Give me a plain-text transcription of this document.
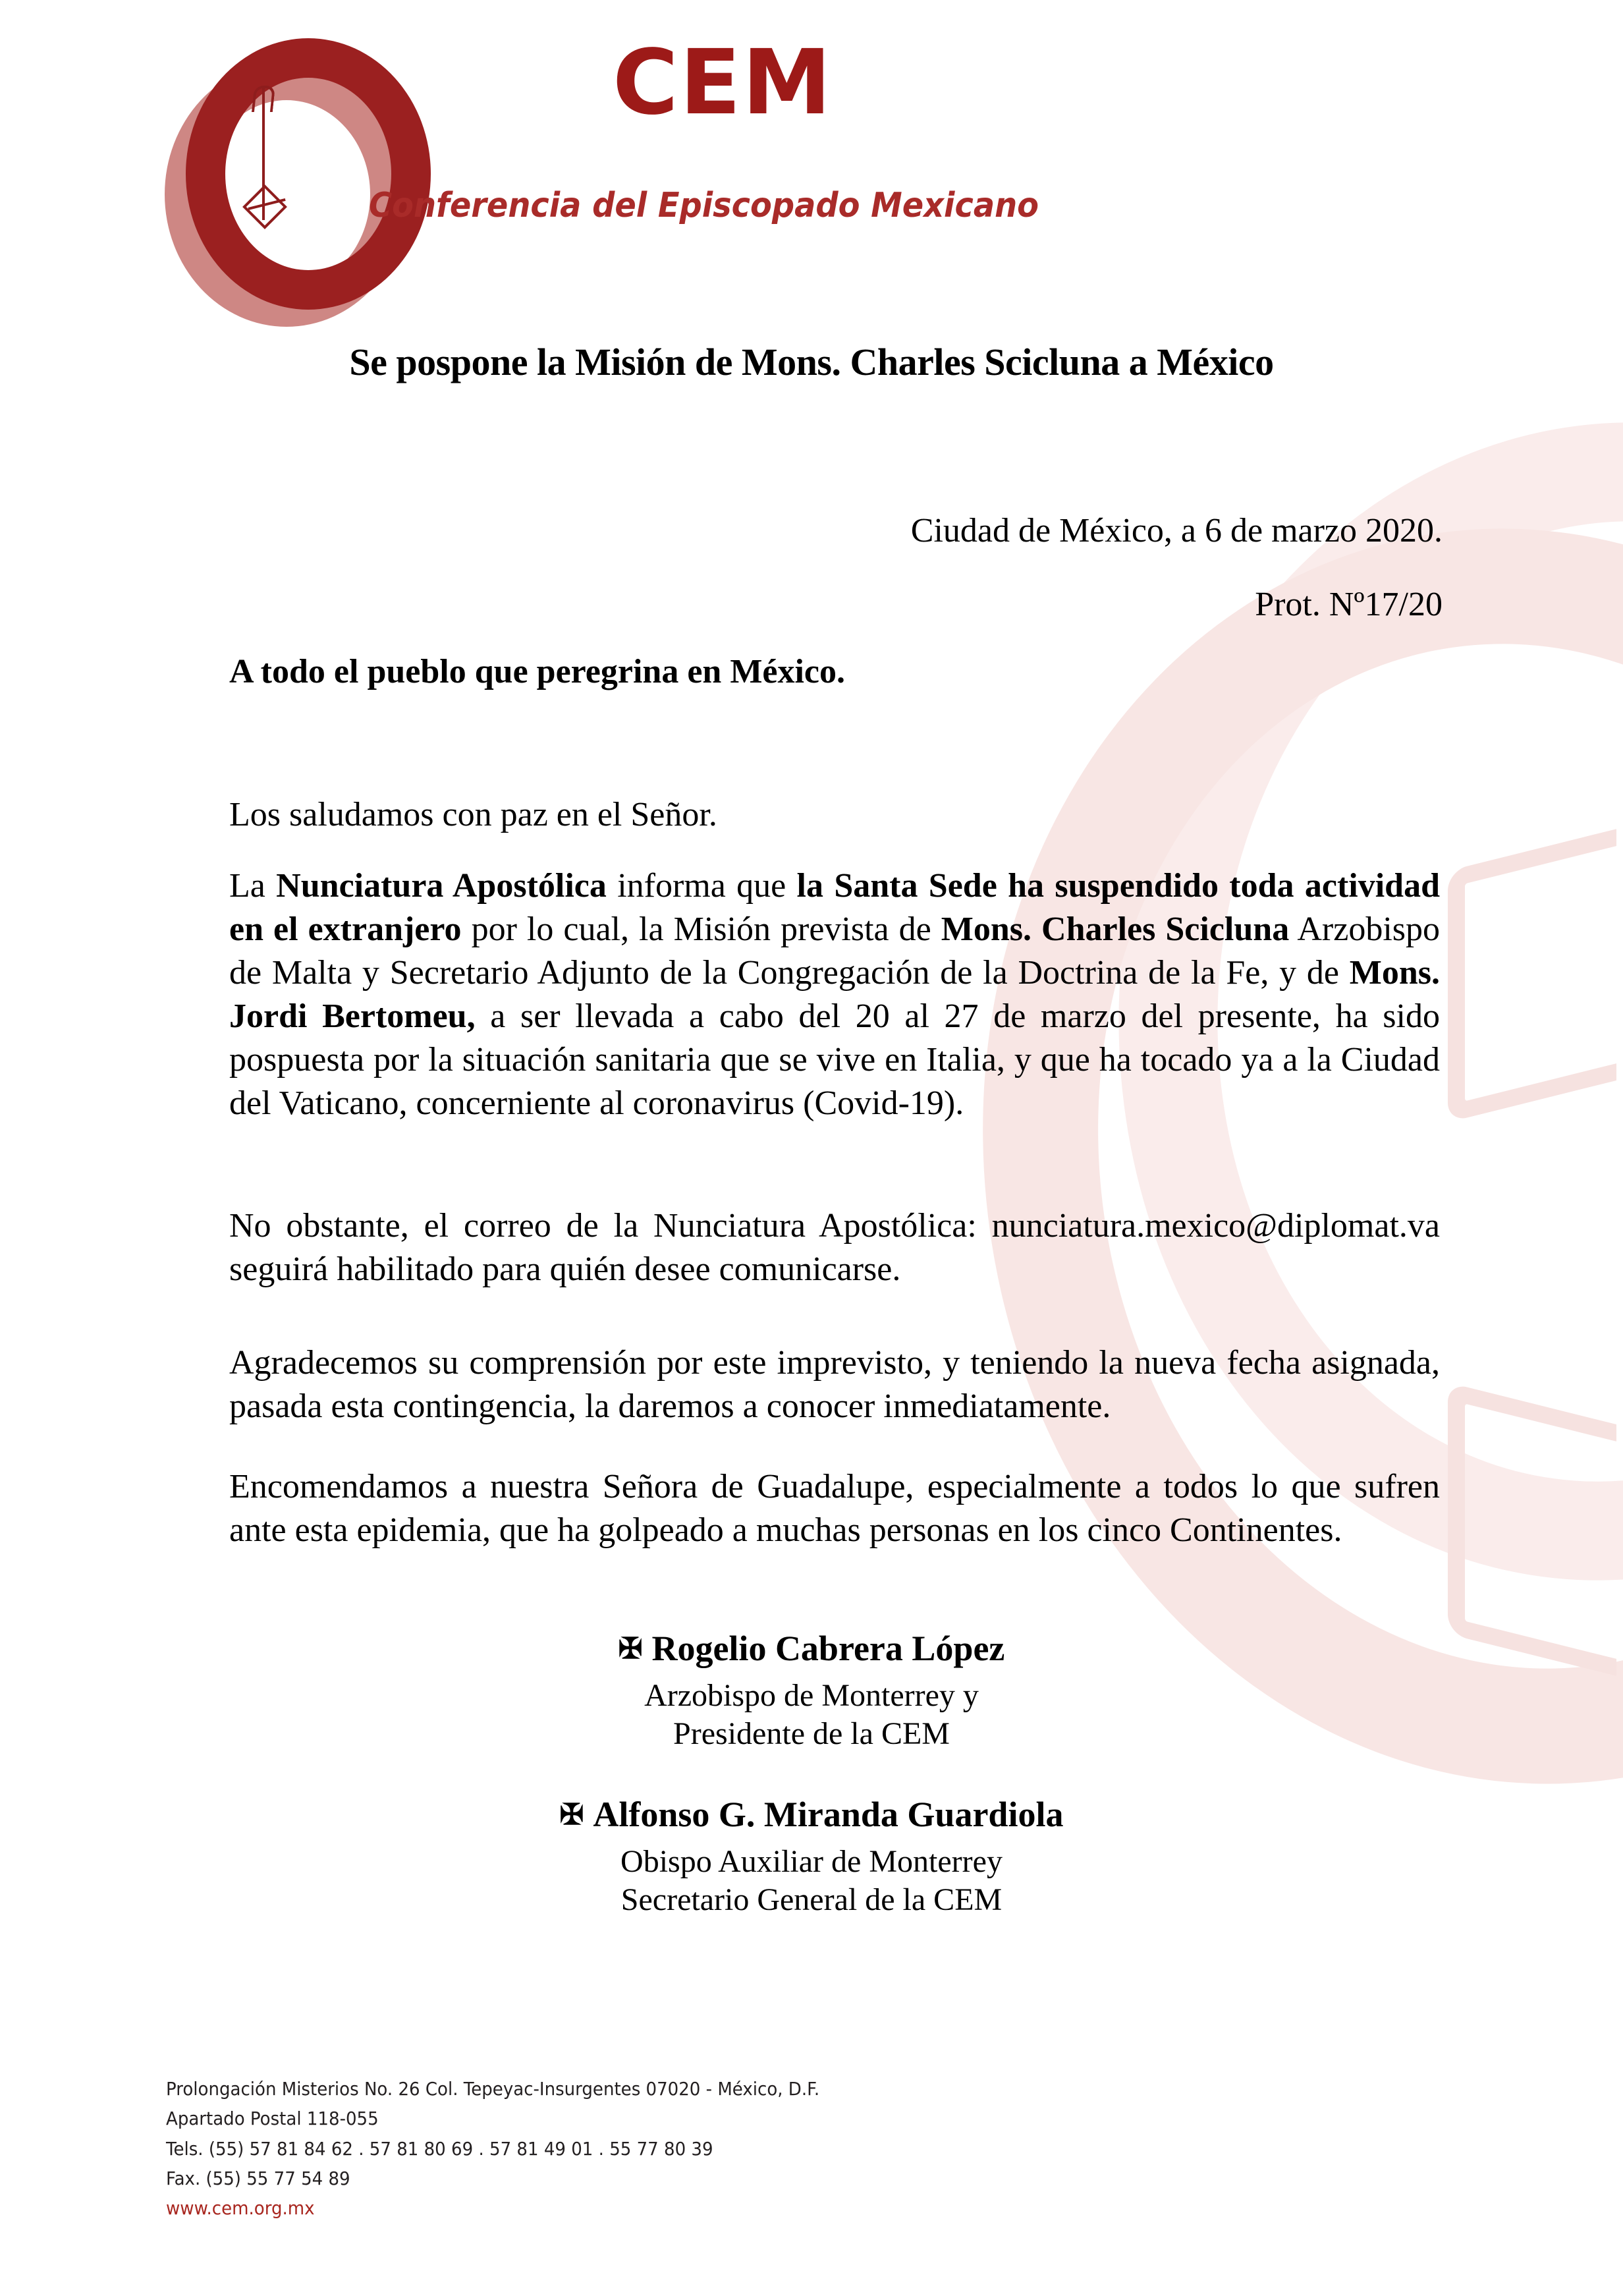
CEM
Conferencia del Episcopado Mexicano
Se pospone la Misión de Mons. Charles Scicluna a México
Ciudad de México, a 6 de marzo 2020.
Prot. Nº17/20
A todo el pueblo que peregrina en México.
Los saludamos con paz en el Señor.
La Nunciatura Apostólica informa que la Santa Sede ha suspendido toda actividad en el extranjero por lo cual, la Misión prevista de Mons. Charles Scicluna Arzobispo de Malta y Secretario Adjunto de la Congregación de la Doctrina de la Fe, y de Mons. Jordi Bertomeu, a ser llevada a cabo del 20 al 27 de marzo del presente, ha sido pospuesta por la situación sanitaria que se vive en Italia, y que ha tocado ya a la Ciudad del Vaticano, concerniente al coronavirus (Covid-19).
No obstante, el correo de la Nunciatura Apostólica: nunciatura.mexico@diplomat.va seguirá habilitado para quién desee comunicarse.
Agradecemos su comprensión por este imprevisto, y teniendo la nueva fecha asignada, pasada esta contingencia, la daremos a conocer inmediatamente.
Encomendamos a nuestra Señora de Guadalupe, especialmente a todos lo que sufren ante esta epidemia, que ha golpeado a muchas personas en los cinco Continentes.
✠ Rogelio Cabrera López
Arzobispo de Monterrey y
Presidente de la CEM
✠ Alfonso G. Miranda Guardiola
Obispo Auxiliar de Monterrey
Secretario General de la CEM
Prolongación Misterios No. 26 Col. Tepeyac-Insurgentes 07020 - México, D.F.
Apartado Postal 118-055
Tels. (55) 57 81 84 62 . 57 81 80 69 . 57 81 49 01 . 55 77 80 39
Fax. (55) 55 77 54 89
www.cem.org.mx
